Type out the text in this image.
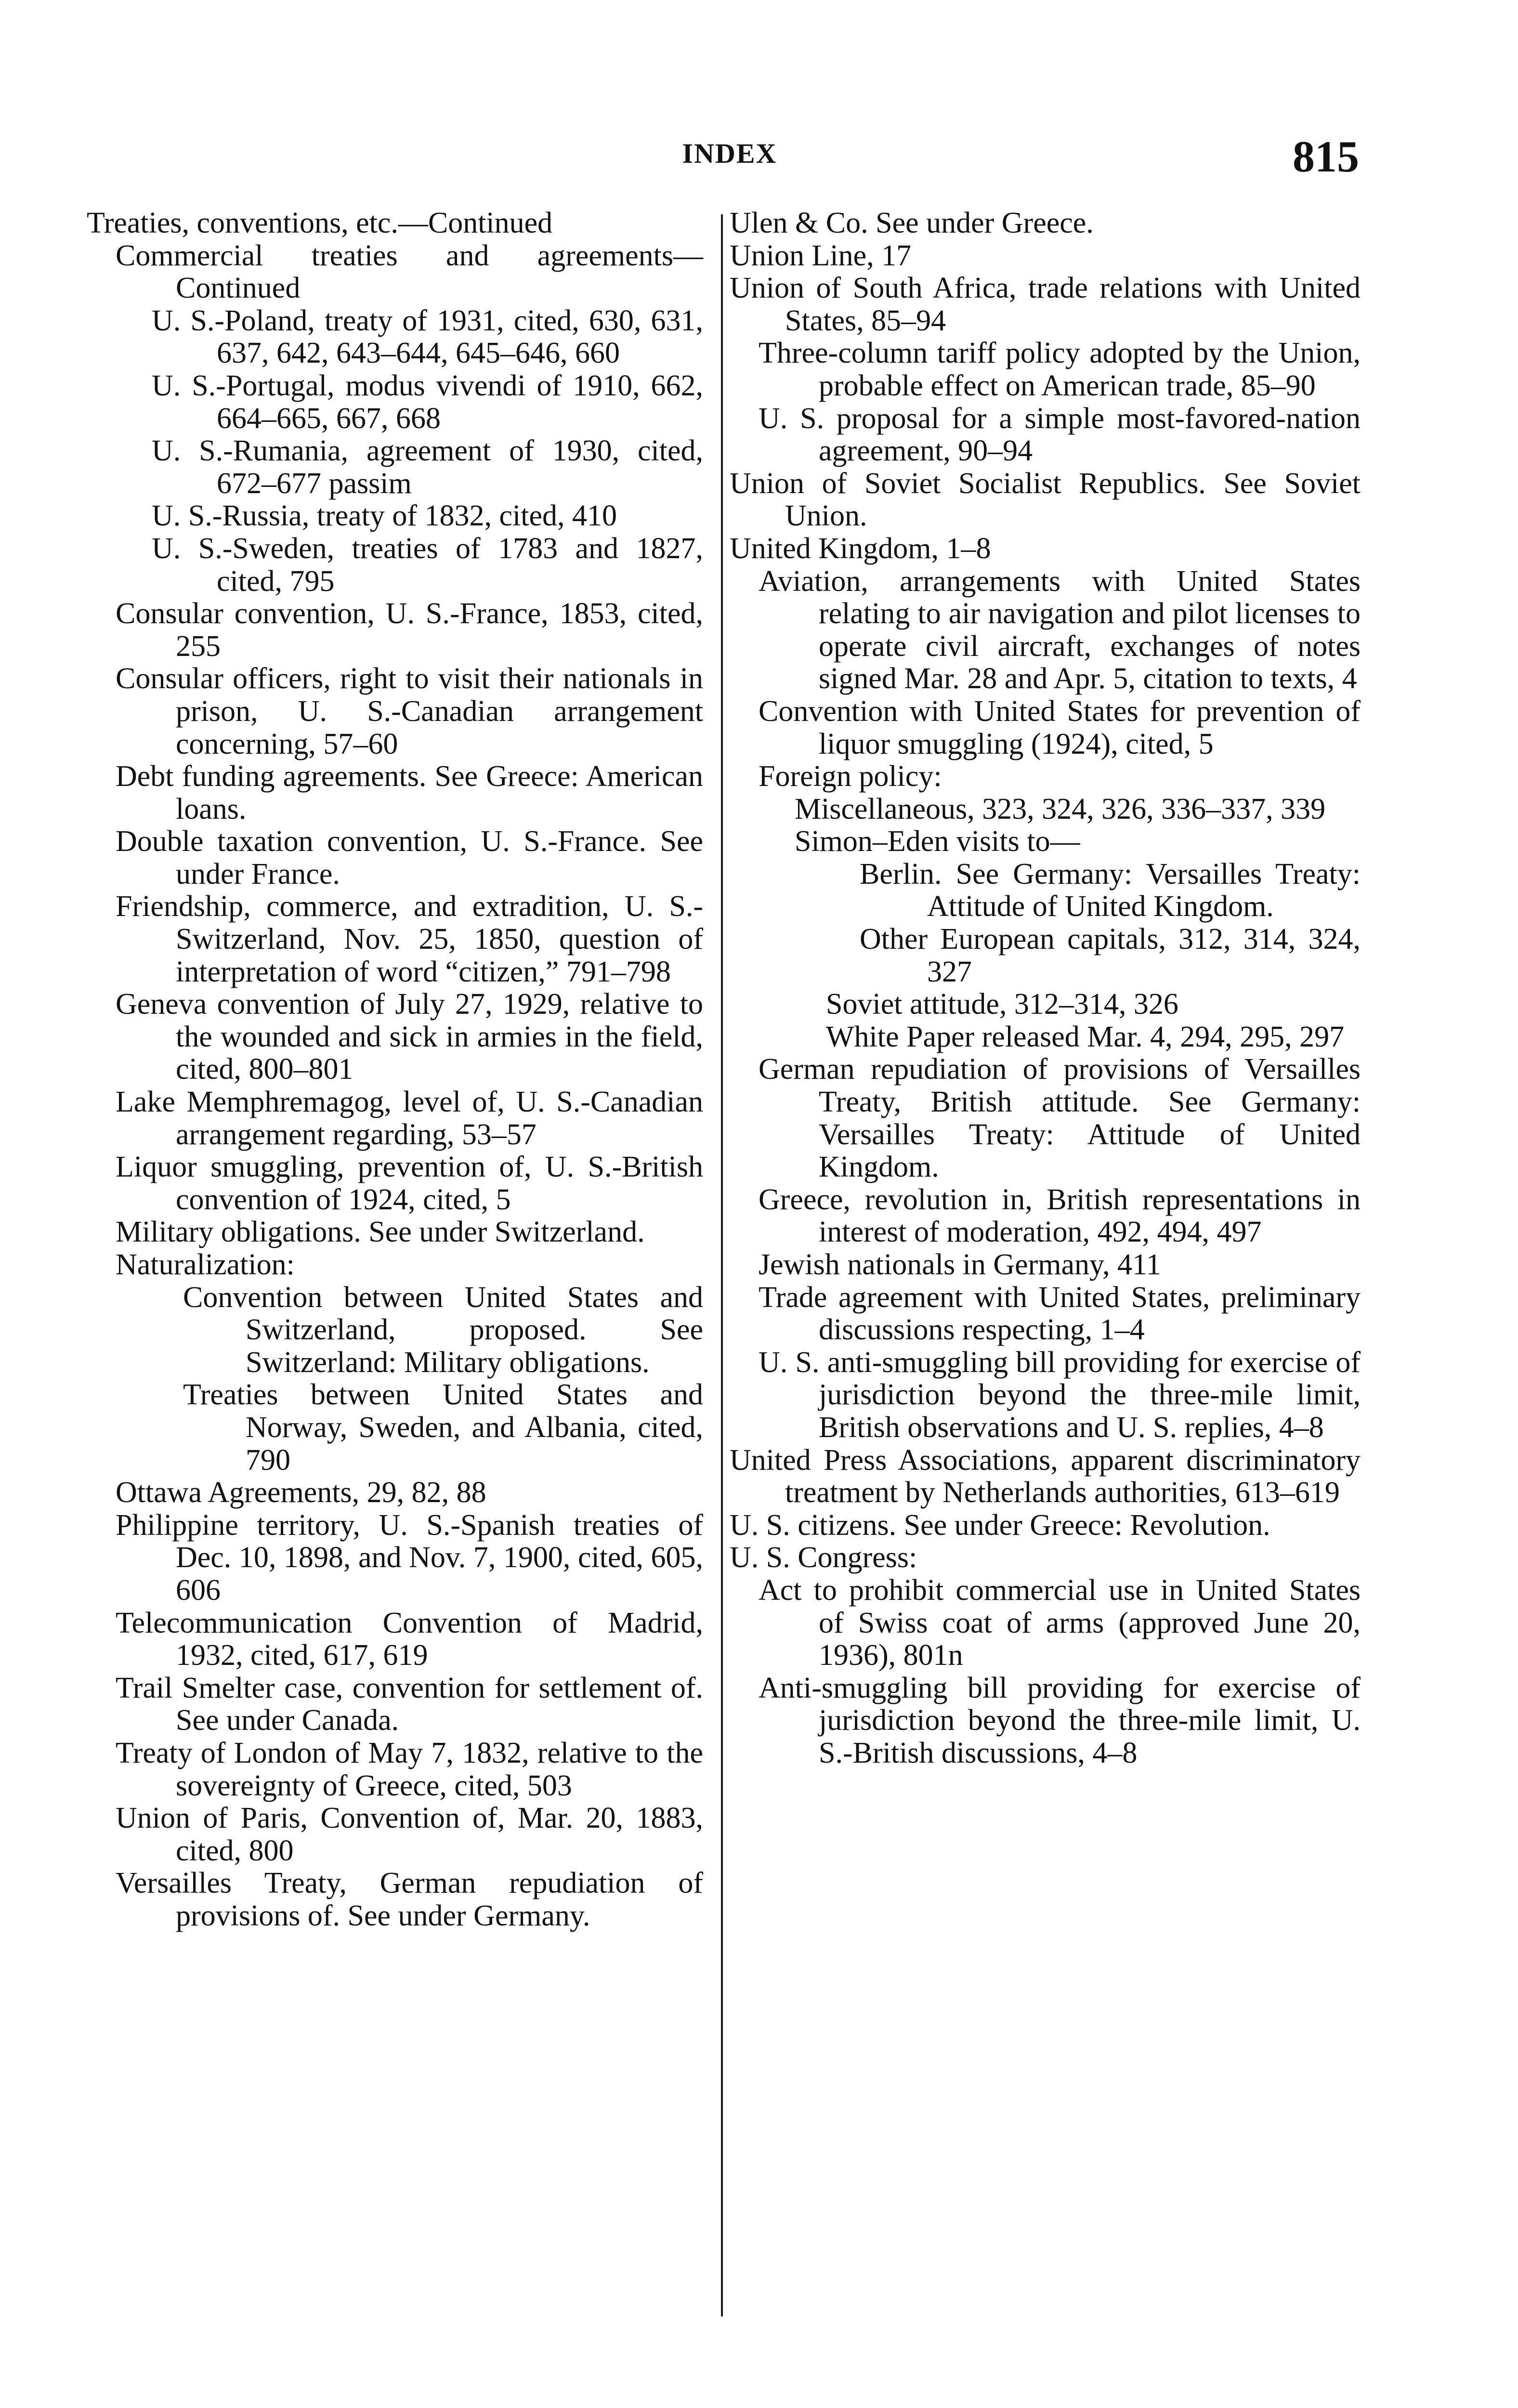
INDEX	815
Treaties, conventions, etc.—Continued
Commercial treaties and agreements—Continued
U. S.-Poland, treaty of 1931, cited, 630, 631, 637, 642, 643–644, 645–646, 660
U. S.-Portugal, modus vivendi of 1910, 662, 664–665, 667, 668
U. S.-Rumania, agreement of 1930, cited, 672–677 passim
U. S.-Russia, treaty of 1832, cited, 410
U. S.-Sweden, treaties of 1783 and 1827, cited, 795
Consular convention, U. S.-France, 1853, cited, 255
Consular officers, right to visit their nationals in prison, U. S.-Canadian arrangement concerning, 57–60
Debt funding agreements. See Greece: American loans.
Double taxation convention, U. S.-France. See under France.
Friendship, commerce, and extradition, U. S.-Switzerland, Nov. 25, 1850, question of interpretation of word “citizen,” 791–798
Geneva convention of July 27, 1929, relative to the wounded and sick in armies in the field, cited, 800–801
Lake Memphremagog, level of, U. S.-Canadian arrangement regarding, 53–57
Liquor smuggling, prevention of, U. S.-British convention of 1924, cited, 5
Military obligations. See under Switzerland.
Naturalization:
Convention between United States and Switzerland, proposed. See Switzerland: Military obligations.
Treaties between United States and Norway, Sweden, and Albania, cited, 790
Ottawa Agreements, 29, 82, 88
Philippine territory, U. S.-Spanish treaties of Dec. 10, 1898, and Nov. 7, 1900, cited, 605, 606
Telecommunication Convention of Madrid, 1932, cited, 617, 619
Trail Smelter case, convention for settlement of. See under Canada.
Treaty of London of May 7, 1832, relative to the sovereignty of Greece, cited, 503
Union of Paris, Convention of, Mar. 20, 1883, cited, 800
Versailles Treaty, German repudiation of provisions of. See under Germany.
Ulen & Co. See under Greece.
Union Line, 17
Union of South Africa, trade relations with United States, 85–94
Three-column tariff policy adopted by the Union, probable effect on American trade, 85–90
U. S. proposal for a simple most-favored-nation agreement, 90–94
Union of Soviet Socialist Republics. See Soviet Union.
United Kingdom, 1–8
Aviation, arrangements with United States relating to air navigation and pilot licenses to operate civil aircraft, exchanges of notes signed Mar. 28 and Apr. 5, citation to texts, 4
Convention with United States for prevention of liquor smuggling (1924), cited, 5
Foreign policy:
Miscellaneous, 323, 324, 326, 336–337, 339
Simon–Eden visits to—
Berlin. See Germany: Versailles Treaty: Attitude of United Kingdom.
Other European capitals, 312, 314, 324, 327
Soviet attitude, 312–314, 326
White Paper released Mar. 4, 294, 295, 297
German repudiation of provisions of Versailles Treaty, British attitude. See Germany: Versailles Treaty: Attitude of United Kingdom.
Greece, revolution in, British representations in interest of moderation, 492, 494, 497
Jewish nationals in Germany, 411
Trade agreement with United States, preliminary discussions respecting, 1–4
U. S. anti-smuggling bill providing for exercise of jurisdiction beyond the three-mile limit, British observations and U. S. replies, 4–8
United Press Associations, apparent discriminatory treatment by Netherlands authorities, 613–619
U. S. citizens. See under Greece: Revolution.
U. S. Congress:
Act to prohibit commercial use in United States of Swiss coat of arms (approved June 20, 1936), 801n
Anti-smuggling bill providing for exercise of jurisdiction beyond the three-mile limit, U. S.-British discussions, 4–8
